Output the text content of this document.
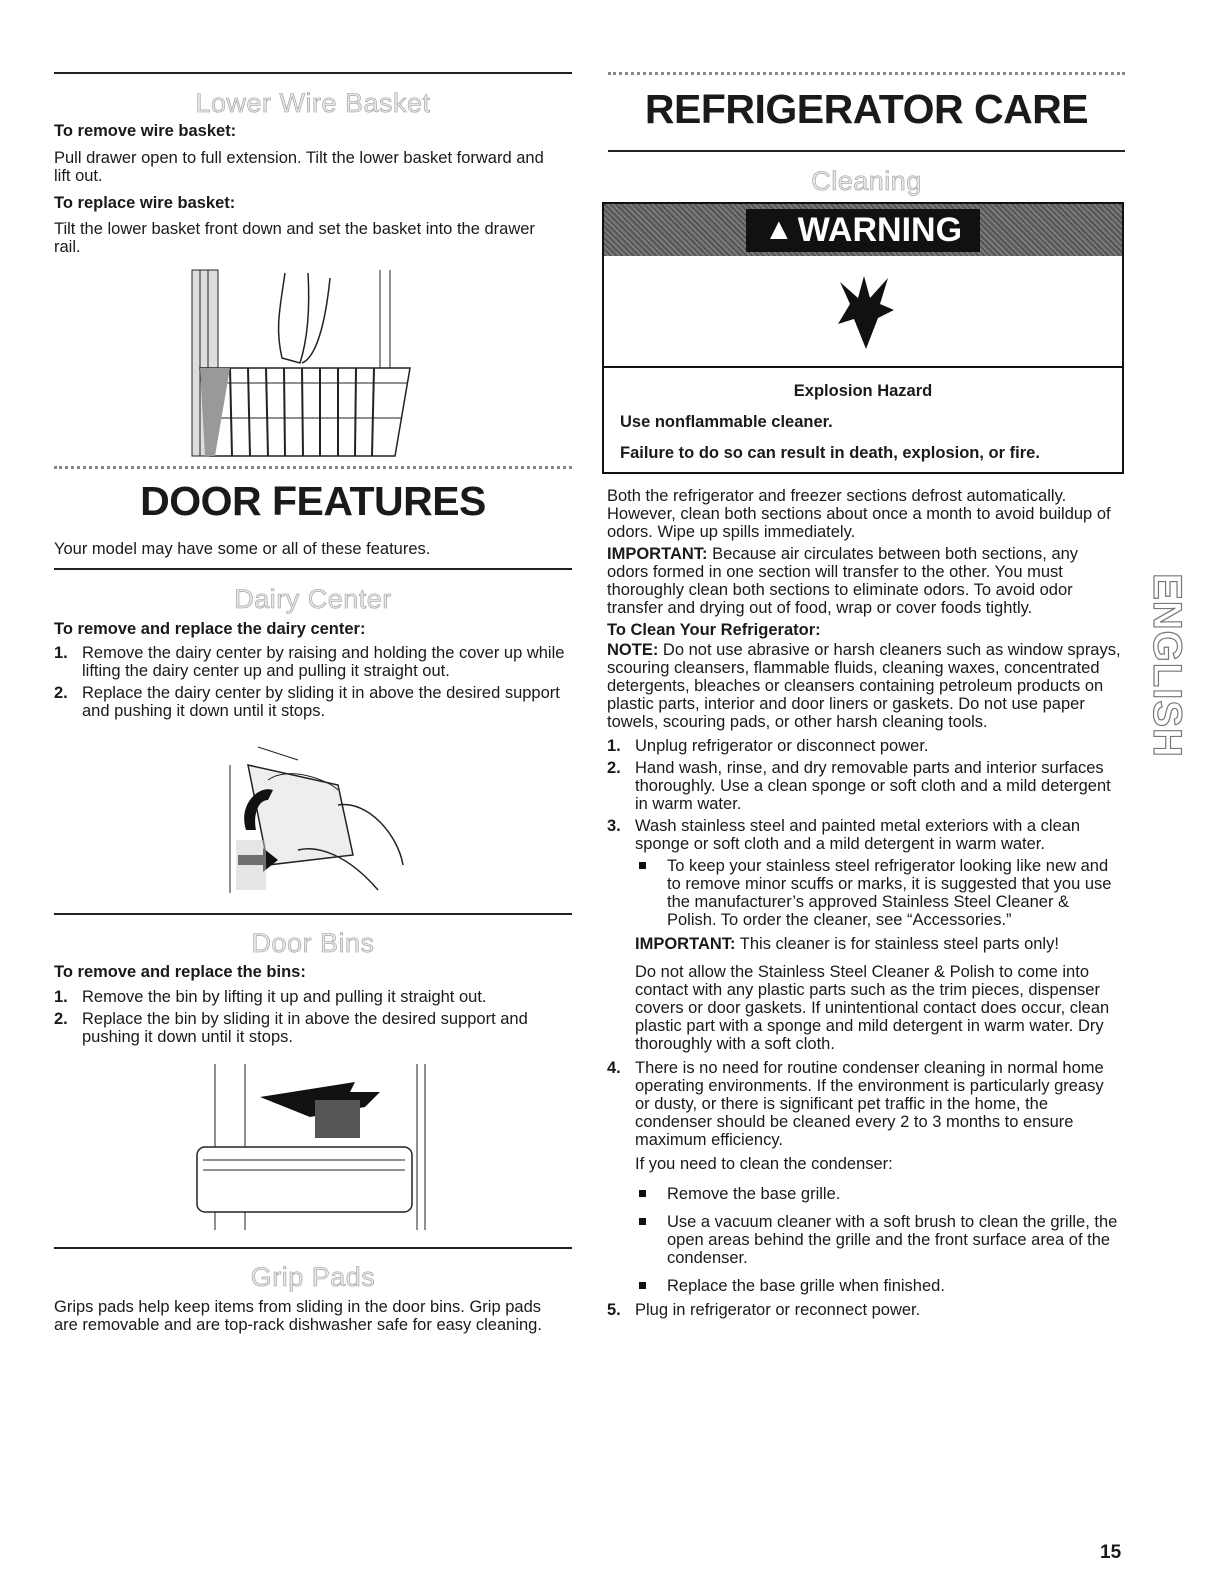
Lower Wire Basket
To remove wire basket:
Pull drawer open to full extension. Tilt the lower basket forward and lift out.
To replace wire basket:
Tilt the lower basket front down and set the basket into the drawer rail.
DOOR FEATURES
Your model may have some or all of these features.
Dairy Center
To remove and replace the dairy center:
1. Remove the dairy center by raising and holding the cover up while lifting the dairy center up and pulling it straight out.
2. Replace the dairy center by sliding it in above the desired support and pushing it down until it stops.
Door Bins
To remove and replace the bins:
1. Remove the bin by lifting it up and pulling it straight out.
2. Replace the bin by sliding it in above the desired support and pushing it down until it stops.
Grip Pads
Grips pads help keep items from sliding in the door bins. Grip pads are removable and are top-rack dishwasher safe for easy cleaning.
REFRIGERATOR CARE
Cleaning
▲ WARNING
Explosion Hazard
Use nonflammable cleaner.
Failure to do so can result in death, explosion, or fire.
Both the refrigerator and freezer sections defrost automatically. However, clean both sections about once a month to avoid buildup of odors. Wipe up spills immediately.
IMPORTANT: Because air circulates between both sections, any odors formed in one section will transfer to the other. You must thoroughly clean both sections to eliminate odors. To avoid odor transfer and drying out of food, wrap or cover foods tightly.
To Clean Your Refrigerator:
NOTE: Do not use abrasive or harsh cleaners such as window sprays, scouring cleansers, flammable fluids, cleaning waxes, concentrated detergents, bleaches or cleansers containing petroleum products on plastic parts, interior and door liners or gaskets. Do not use paper towels, scouring pads, or other harsh cleaning tools.
1. Unplug refrigerator or disconnect power.
2. Hand wash, rinse, and dry removable parts and interior surfaces thoroughly. Use a clean sponge or soft cloth and a mild detergent in warm water.
3. Wash stainless steel and painted metal exteriors with a clean sponge or soft cloth and a mild detergent in warm water.
To keep your stainless steel refrigerator looking like new and to remove minor scuffs or marks, it is suggested that you use the manufacturer’s approved Stainless Steel Cleaner & Polish. To order the cleaner, see “Accessories.”
IMPORTANT: This cleaner is for stainless steel parts only!
Do not allow the Stainless Steel Cleaner & Polish to come into contact with any plastic parts such as the trim pieces, dispenser covers or door gaskets. If unintentional contact does occur, clean plastic part with a sponge and mild detergent in warm water. Dry thoroughly with a soft cloth.
4. There is no need for routine condenser cleaning in normal home operating environments. If the environment is particularly greasy or dusty, or there is significant pet traffic in the home, the condenser should be cleaned every 2 to 3 months to ensure maximum efficiency.
If you need to clean the condenser:
Remove the base grille.
Use a vacuum cleaner with a soft brush to clean the grille, the open areas behind the grille and the front surface area of the condenser.
Replace the base grille when finished.
5. Plug in refrigerator or reconnect power.
ENGLISH
15
